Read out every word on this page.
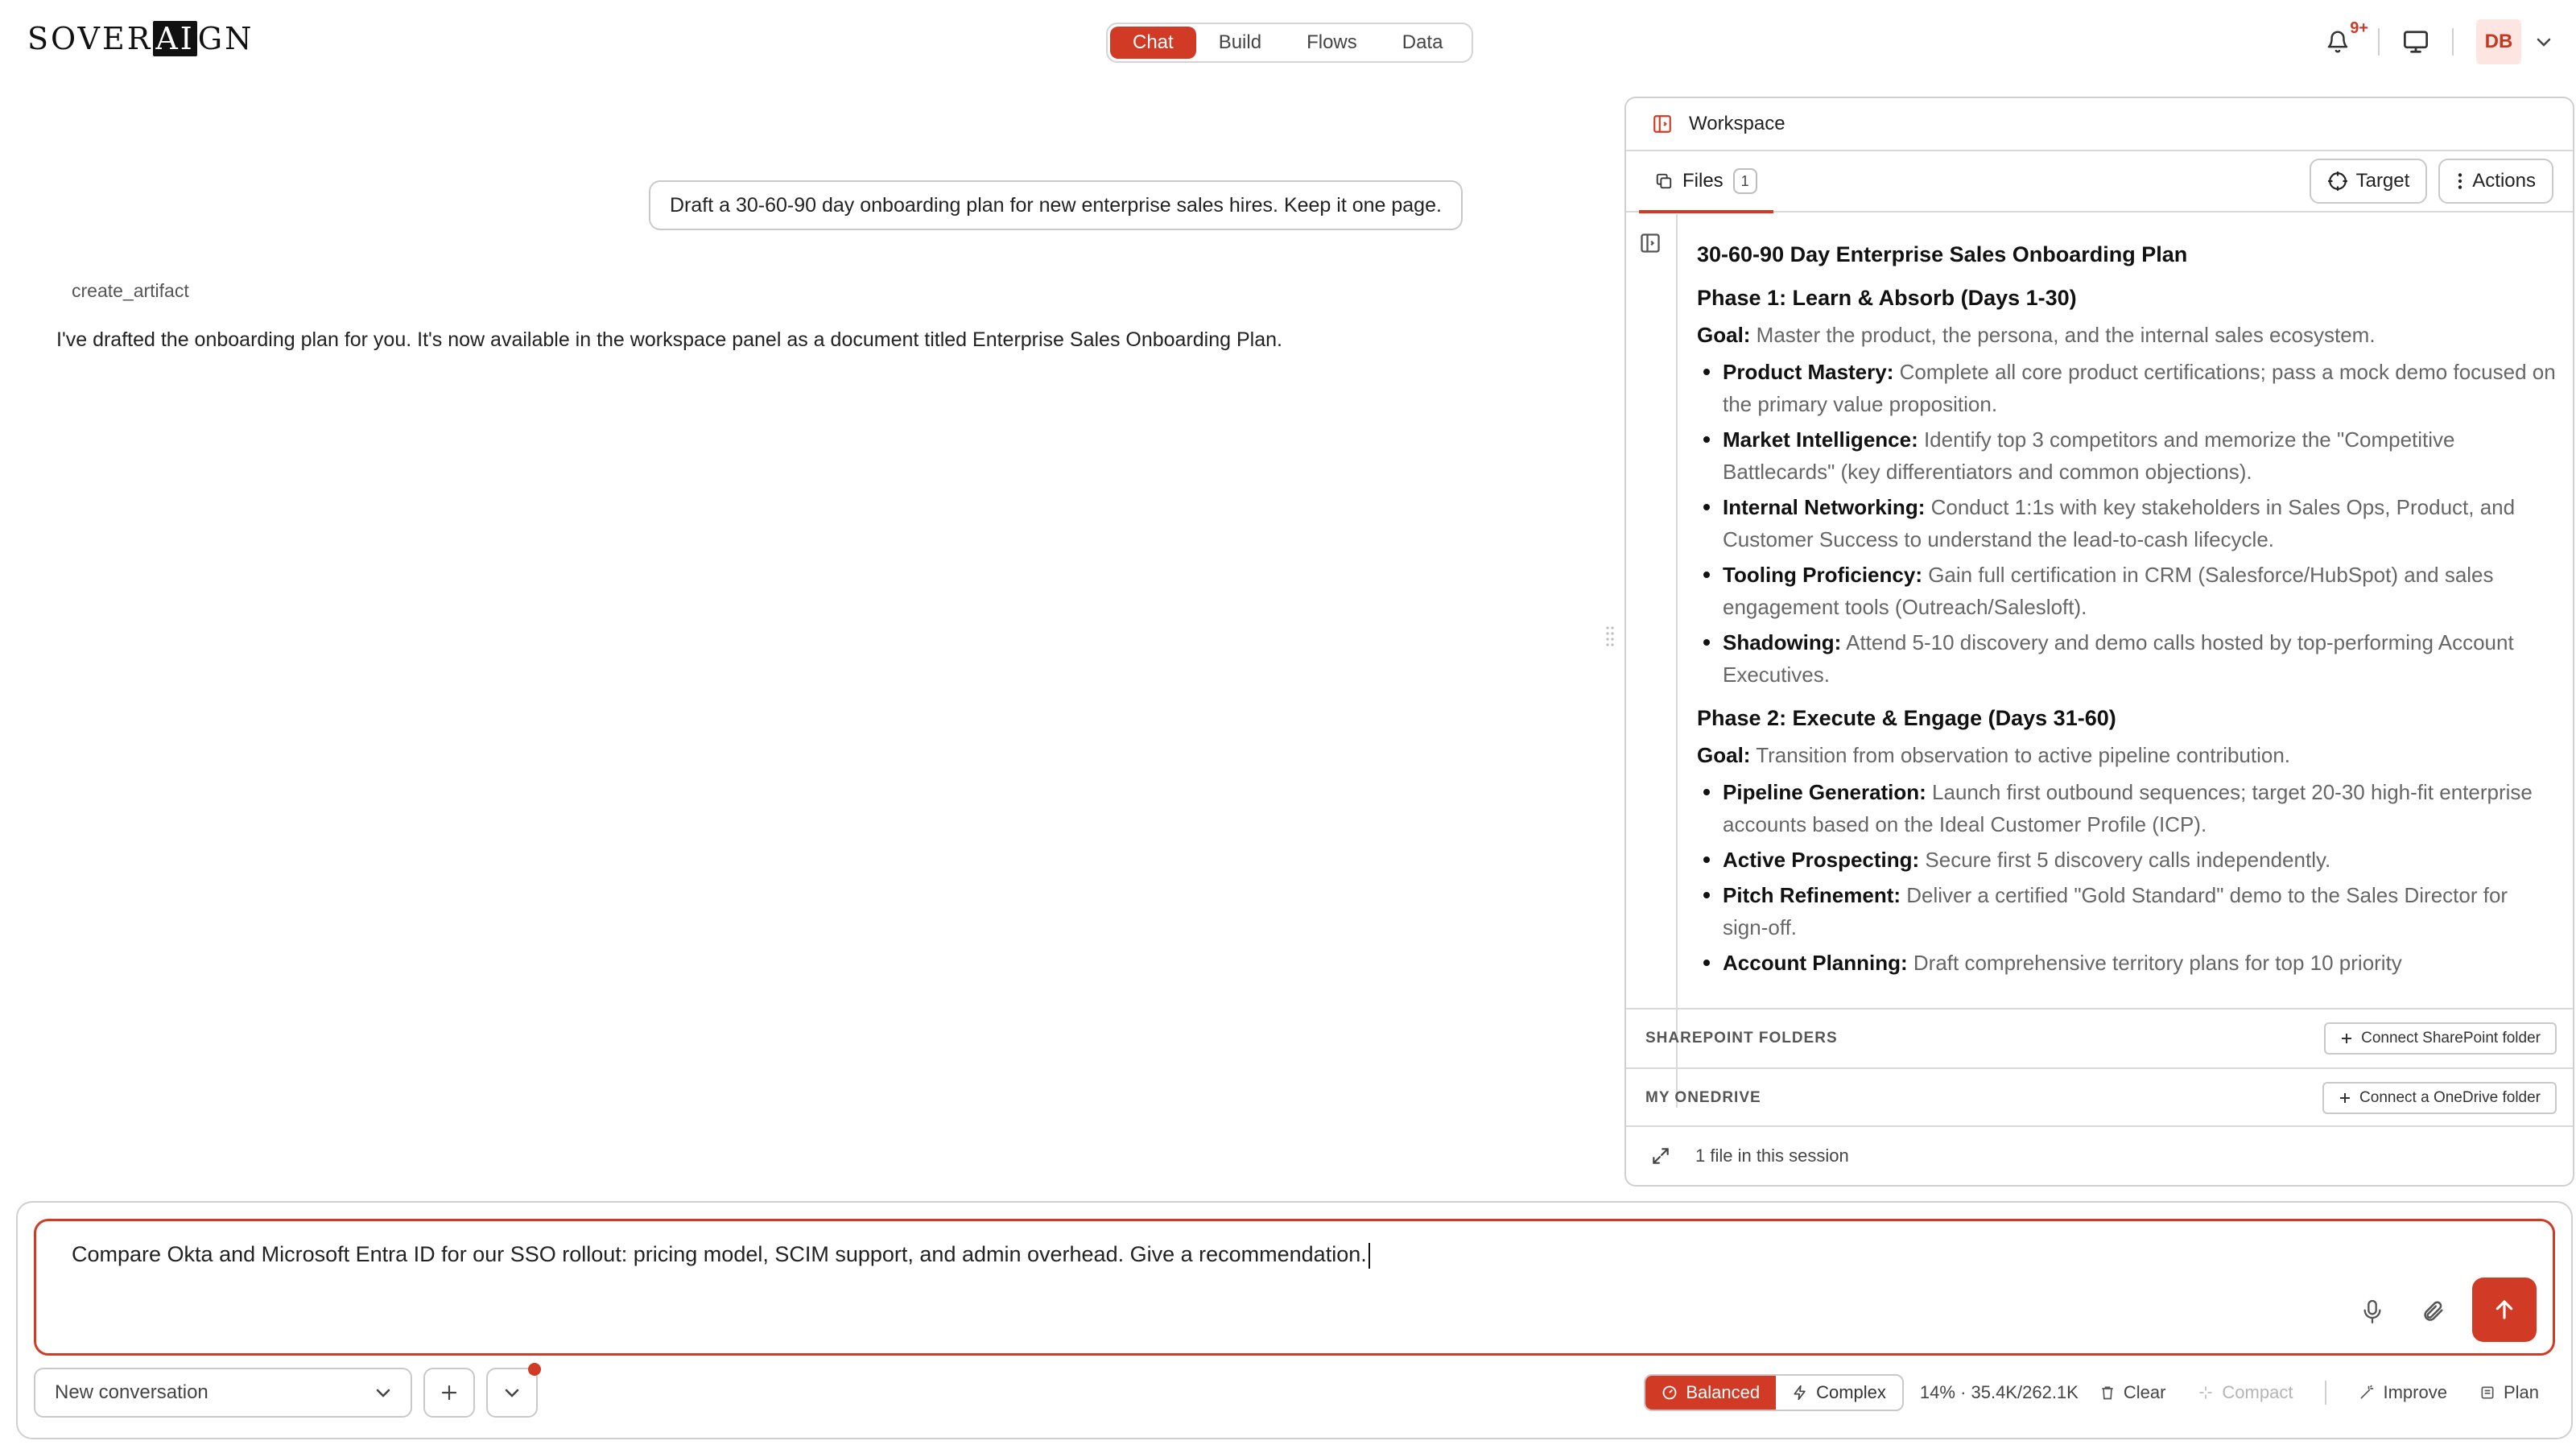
SOVER AI GN	Chat	Build	Flows	Data
9+
DB
Draft a 30-60-90 day onboarding plan for new enterprise sales hires. Keep it one page.
create_artifact
I've drafted the onboarding plan for you. It's now available in the workspace panel as a document titled Enterprise Sales Onboarding Plan.
Workspace
Files	1	Target	Actions
30-60-90 Day Enterprise Sales Onboarding Plan
Phase 1: Learn & Absorb (Days 1-30)
Goal: Master the product, the persona, and the internal sales ecosystem.
Product Mastery: Complete all core product certifications; pass a mock demo focused on the primary value proposition.
Market Intelligence: Identify top 3 competitors and memorize the "Competitive Battlecards" (key differentiators and common objections).
Internal Networking: Conduct 1:1s with key stakeholders in Sales Ops, Product, and Customer Success to understand the lead-to-cash lifecycle.
Tooling Proficiency: Gain full certification in CRM (Salesforce/HubSpot) and sales engagement tools (Outreach/Salesloft).
Shadowing: Attend 5-10 discovery and demo calls hosted by top-performing Account Executives.
Phase 2: Execute & Engage (Days 31-60)
Goal: Transition from observation to active pipeline contribution.
Pipeline Generation: Launch first outbound sequences; target 20-30 high-fit enterprise accounts based on the Ideal Customer Profile (ICP).
Active Prospecting: Secure first 5 discovery calls independently.
Pitch Refinement: Deliver a certified "Gold Standard" demo to the Sales Director for sign-off.
Account Planning: Draft comprehensive territory plans for top 10 priority
SHAREPOINT FOLDERS	Connect SharePoint folder
MY ONEDRIVE	Connect a OneDrive folder
1 file in this session
Compare Okta and Microsoft Entra ID for our SSO rollout: pricing model, SCIM support, and admin overhead. Give a recommendation.
New conversation	Balanced	Complex 14% · 35.4K/262.1K	Clear	Compact	Improve	Plan
